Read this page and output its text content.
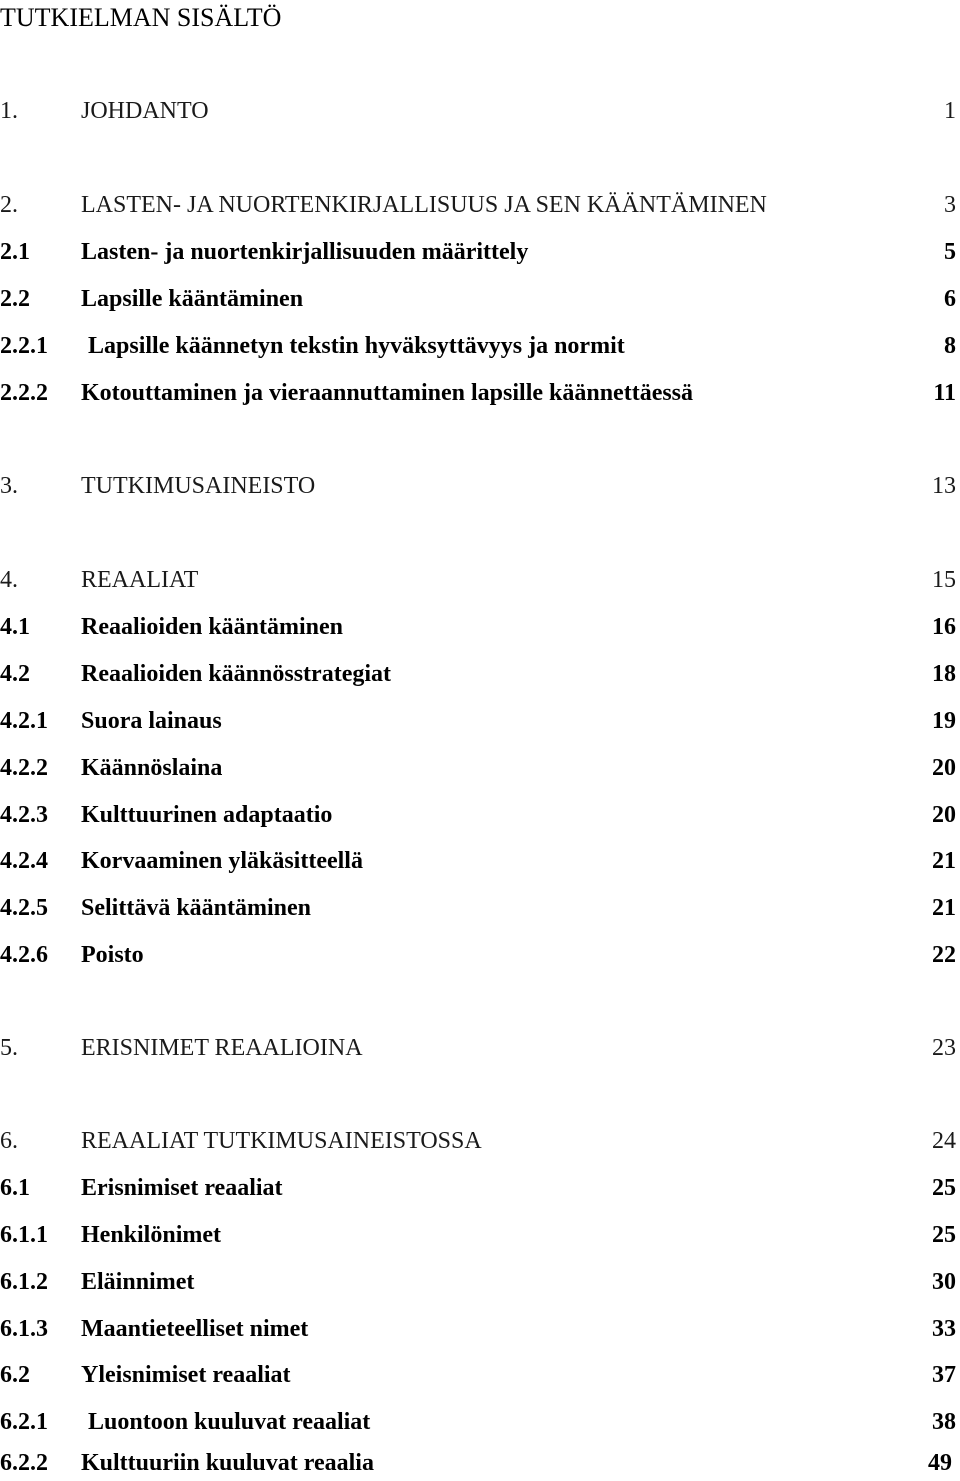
TUTKIELMAN SISÄLTÖ
1.	JOHDANTO	1
2.	LASTEN- JA NUORTENKIRJALLISUUS JA SEN KÄÄNTÄMINEN	3
2.1 Lasten- ja nuortenkirjallisuuden määrittely	5
2.2 Lapsille kääntäminen	6
2.2.1 Lapsille käännetyn tekstin hyväksyttävyys ja normit	8
2.2.2 Kotouttaminen ja vieraannuttaminen lapsille käännettäessä	11
3.	TUTKIMUSAINEISTO	13
4.	REAALIAT	15
4.1 Reaalioiden kääntäminen	16
4.2 Reaalioiden käännösstrategiat	18
4.2.1 Suora lainaus	19
4.2.2 Käännöslaina	20
4.2.3 Kulttuurinen adaptaatio	20
4.2.4 Korvaaminen yläkäsitteellä	21
4.2.5 Selittävä kääntäminen	21
4.2.6 Poisto	22
5.	ERISNIMET REAALIOINA	23
6.	REAALIAT TUTKIMUSAINEISTOSSA	24
6.1 Erisnimiset reaaliat	25
6.1.1 Henkilönimet	25
6.1.2 Eläinnimet	30
6.1.3 Maantieteelliset nimet	33
6.2 Yleisnimiset reaaliat	37
6.2.1 Luontoon kuuluvat reaaliat	38
6.2.2 Kulttuuriin kuuluvat reaalia	49
